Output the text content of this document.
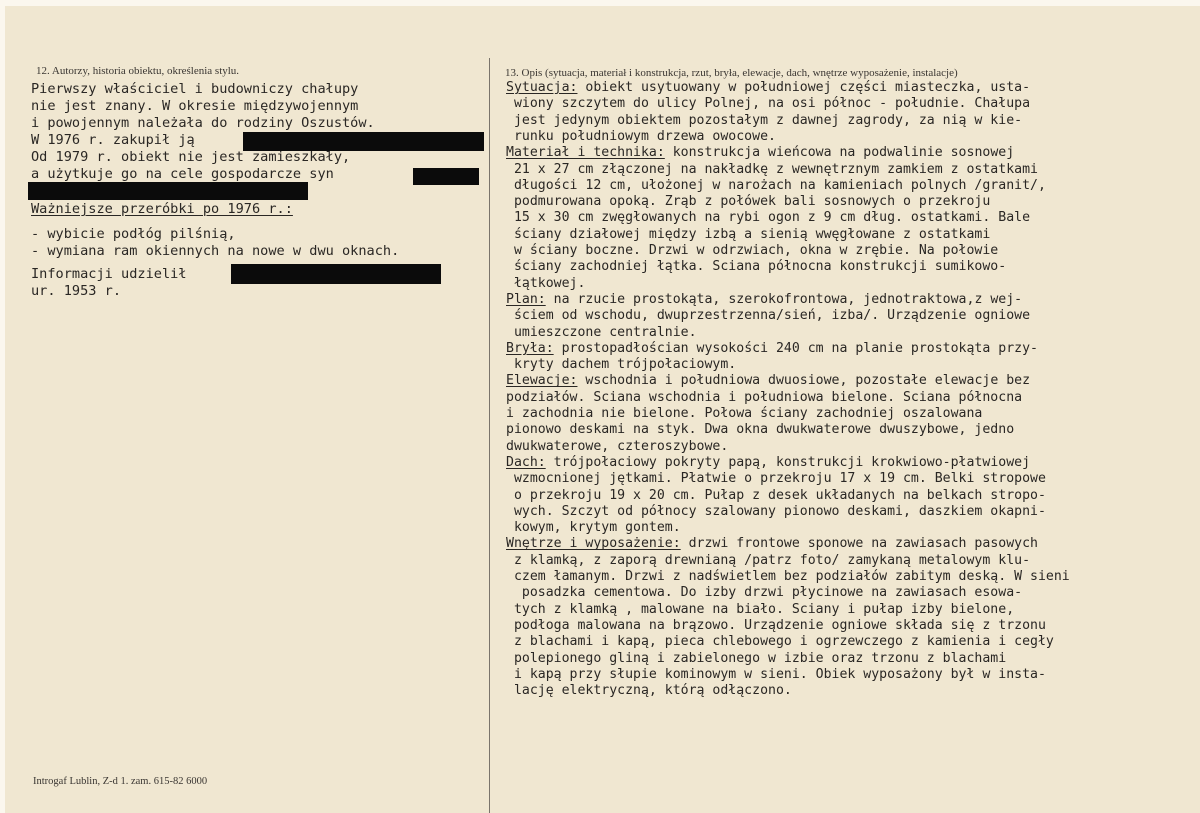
12. Autorzy, historia obiektu, określenia stylu.
Pierwszy właściciel i budowniczy chałupy
nie jest znany. W okresie międzywojennym
i powojennym należała do rodziny Oszustów.
W 1976 r. zakupił ją
Od 1979 r. obiekt nie jest zamieszkały,
a użytkuje go na cele gospodarcze syn
Ważniejsze przeróbki po 1976 r.:
- wybicie podłóg pilśnią,
- wymiana ram okiennych na nowe w dwu oknach.
Informacji udzielił
ur. 1953 r.
13. Opis (sytuacja, materiał i konstrukcja, rzut, bryła, elewacje, dach, wnętrze wyposażenie, instalacje)
Sytuacja: obiekt usytuowany w południowej części miasteczka, usta-
wiony szczytem do ulicy Polnej, na osi północ - południe. Chałupa
jest jedynym obiektem pozostałym z dawnej zagrody, za nią w kie-
runku południowym drzewa owocowe.
Materiał i technika: konstrukcja wieńcowa na podwalinie sosnowej
21 x 27 cm złączonej na nakładkę z wewnętrznym zamkiem z ostatkami
długości 12 cm, ułożonej w narożach na kamieniach polnych /granit/,
podmurowana opoką. Zrąb z połówek bali sosnowych o przekroju
15 x 30 cm zwęgłowanych na rybi ogon z 9 cm dług. ostatkami. Bale
ściany działowej między izbą a sienią wwęgłowane z ostatkami
w ściany boczne. Drzwi w odrzwiach, okna w zrębie. Na połowie
ściany zachodniej łątka. Sciana północna konstrukcji sumikowo-
łątkowej.
Plan: na rzucie prostokąta, szerokofrontowa, jednotraktowa,z wej-
ściem od wschodu, dwuprzestrzenna/sień, izba/. Urządzenie ogniowe
umieszczone centralnie.
Bryła: prostopadłościan wysokości 240 cm na planie prostokąta przy-
kryty dachem trójpołaciowym.
Elewacje: wschodnia i południowa dwuosiowe, pozostałe elewacje bez
podziałów. Sciana wschodnia i południowa bielone. Sciana północna
i zachodnia nie bielone. Połowa ściany zachodniej oszalowana
pionowo deskami na styk. Dwa okna dwukwaterowe dwuszybowe, jedno
dwukwaterowe, czteroszybowe.
Dach: trójpołaciowy pokryty papą, konstrukcji krokwiowo-płatwiowej
wzmocnionej jętkami. Płatwie o przekroju 17 x 19 cm. Belki stropowe
o przekroju 19 x 20 cm. Pułap z desek układanych na belkach stropo-
wych. Szczyt od północy szalowany pionowo deskami, daszkiem okapni-
kowym, krytym gontem.
Wnętrze i wyposażenie: drzwi frontowe sponowe na zawiasach pasowych
z klamką, z zaporą drewnianą /patrz foto/ zamykaną metalowym klu-
czem łamanym. Drzwi z nadświetlem bez podziałów zabitym deską. W sieni
posadzka cementowa. Do izby drzwi płycinowe na zawiasach esowa-
tych z klamką , malowane na biało. Sciany i pułap izby bielone,
podłoga malowana na brązowo. Urządzenie ogniowe składa się z trzonu
z blachami i kapą, pieca chlebowego i ogrzewczego z kamienia i cegły
polepionego gliną i zabielonego w izbie oraz trzonu z blachami
i kapą przy słupie kominowym w sieni. Obiek wyposażony był w insta-
lację elektryczną, którą odłączono.
Introgaf Lublin, Z-d 1. zam. 615-82 6000
